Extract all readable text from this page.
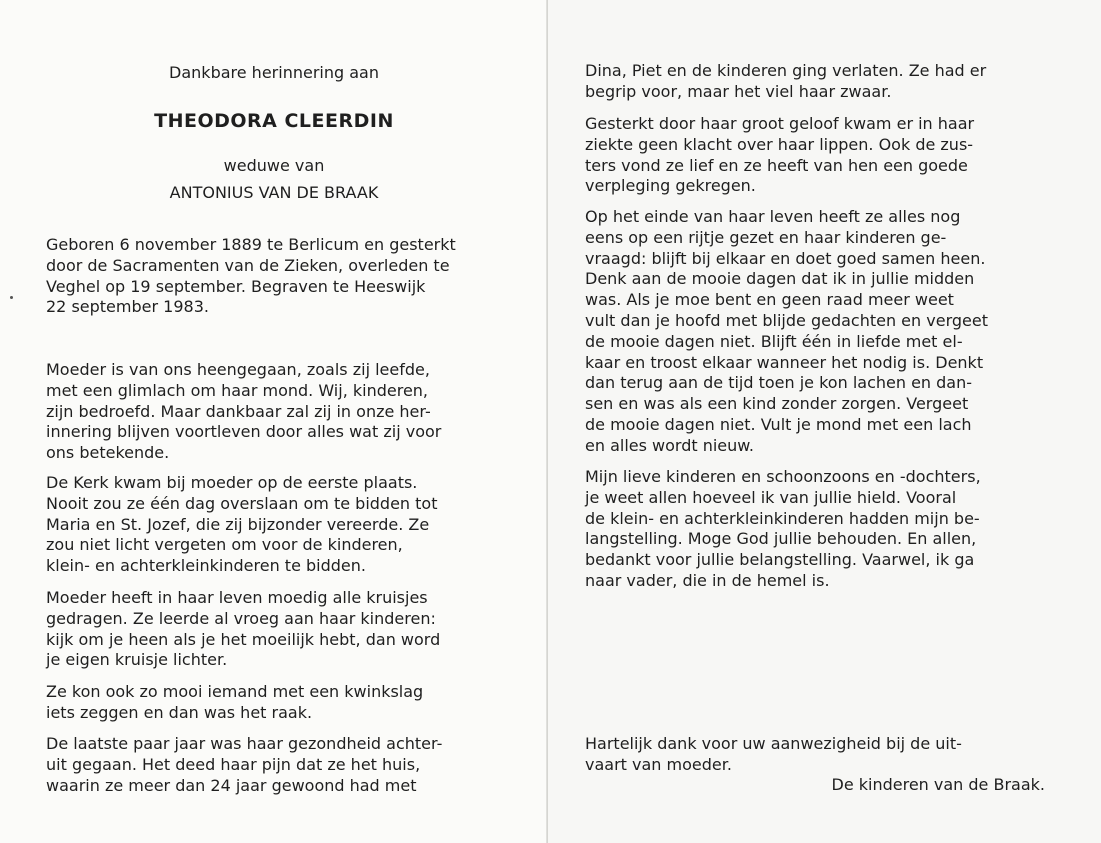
Dankbare herinnering aan
THEODORA CLEERDIN
weduwe van
ANTONIUS VAN DE BRAAK
Geboren 6 november 1889 te Berlicum en gesterkt
door de Sacramenten van de Zieken, overleden te
Veghel op 19 september. Begraven te Heeswijk
22 september 1983.
Moeder is van ons heengegaan, zoals zij leefde,
met een glimlach om haar mond. Wij, kinderen,
zijn bedroefd. Maar dankbaar zal zij in onze her-
innering blijven voortleven door alles wat zij voor
ons betekende.
De Kerk kwam bij moeder op de eerste plaats.
Nooit zou ze één dag overslaan om te bidden tot
Maria en St. Jozef, die zij bijzonder vereerde. Ze
zou niet licht vergeten om voor de kinderen,
klein- en achterkleinkinderen te bidden.
Moeder heeft in haar leven moedig alle kruisjes
gedragen. Ze leerde al vroeg aan haar kinderen:
kijk om je heen als je het moeilijk hebt, dan word
je eigen kruisje lichter.
Ze kon ook zo mooi iemand met een kwinkslag
iets zeggen en dan was het raak.
De laatste paar jaar was haar gezondheid achter-
uit gegaan. Het deed haar pijn dat ze het huis,
waarin ze meer dan 24 jaar gewoond had met
Dina, Piet en de kinderen ging verlaten. Ze had er
begrip voor, maar het viel haar zwaar.
Gesterkt door haar groot geloof kwam er in haar
ziekte geen klacht over haar lippen. Ook de zus-
ters vond ze lief en ze heeft van hen een goede
verpleging gekregen.
Op het einde van haar leven heeft ze alles nog
eens op een rijtje gezet en haar kinderen ge-
vraagd: blijft bij elkaar en doet goed samen heen.
Denk aan de mooie dagen dat ik in jullie midden
was. Als je moe bent en geen raad meer weet
vult dan je hoofd met blijde gedachten en vergeet
de mooie dagen niet. Blijft één in liefde met el-
kaar en troost elkaar wanneer het nodig is. Denkt
dan terug aan de tijd toen je kon lachen en dan-
sen en was als een kind zonder zorgen. Vergeet
de mooie dagen niet. Vult je mond met een lach
en alles wordt nieuw.
Mijn lieve kinderen en schoonzoons en -dochters,
je weet allen hoeveel ik van jullie hield. Vooral
de klein- en achterkleinkinderen hadden mijn be-
langstelling. Moge God jullie behouden. En allen,
bedankt voor jullie belangstelling. Vaarwel, ik ga
naar vader, die in de hemel is.
Hartelijk dank voor uw aanwezigheid bij de uit-
vaart van moeder.
De kinderen van de Braak.
